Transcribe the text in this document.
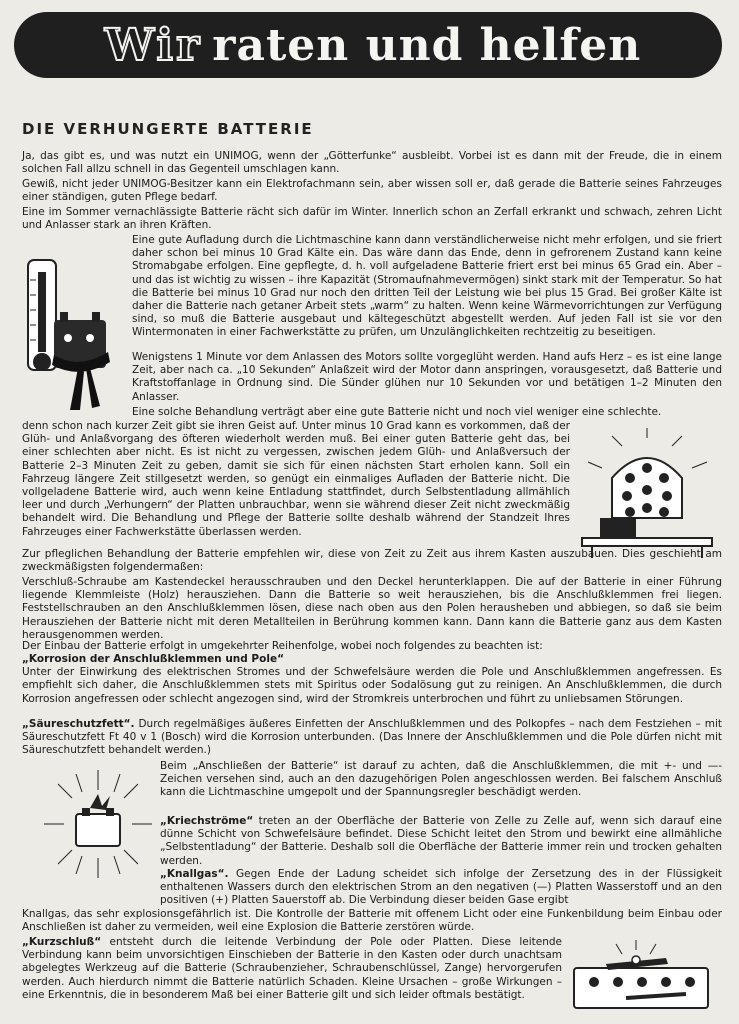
Wir raten und helfen
DIE VERHUNGERTE BATTERIE

Ja, das gibt es, und was nutzt ein UNIMOG, wenn der „Götterfunke“ ausbleibt. Vorbei ist es dann mit der Freude, die in einem solchen Fall allzu schnell in das Gegenteil umschlagen kann.

Gewiß, nicht jeder UNIMOG-Besitzer kann ein Elektrofachmann sein, aber wissen soll er, daß gerade die Batterie seines Fahrzeuges einer ständigen, guten Pflege bedarf.

Eine im Sommer vernachlässigte Batterie rächt sich dafür im Winter. Innerlich schon an Zerfall erkrankt und schwach, zehren Licht und Anlasser stark an ihren Kräften.

Eine gute Aufladung durch die Lichtmaschine kann dann verständlicherweise nicht mehr erfolgen, und sie friert daher schon bei minus 10 Grad Kälte ein. Das wäre dann das Ende, denn in gefrorenem Zustand kann keine Stromabgabe erfolgen. Eine gepflegte, d. h. voll aufgeladene Batterie friert erst bei minus 65 Grad ein. Aber – und das ist wichtig zu wissen – ihre Kapazität (Stromaufnahmevermögen) sinkt stark mit der Temperatur. So hat die Batterie bei minus 10 Grad nur noch den dritten Teil der Leistung wie bei plus 15 Grad. Bei großer Kälte ist daher die Batterie nach getaner Arbeit stets „warm“ zu halten. Wenn keine Wärmevorrichtungen zur Verfügung sind, so muß die Batterie ausgebaut und kältegeschützt abgestellt werden. Auf jeden Fall ist sie vor den Wintermonaten in einer Fachwerkstätte zu prüfen, um Unzulänglichkeiten rechtzeitig zu beseitigen.

Wenigstens 1 Minute vor dem Anlassen des Motors sollte vorgeglüht werden. Hand aufs Herz – es ist eine lange Zeit, aber nach ca. „10 Sekunden“ Anlaßzeit wird der Motor dann anspringen, vorausgesetzt, daß Batterie und Kraftstoffanlage in Ordnung sind. Die Sünder glühen nur 10 Sekunden vor und betätigen 1–2 Minuten den Anlasser.

Eine solche Behandlung verträgt aber eine gute Batterie nicht und noch viel weniger eine schlechte.

denn schon nach kurzer Zeit gibt sie ihren Geist auf. Unter minus 10 Grad kann es vorkommen, daß der Glüh- und Anlaßvorgang des öfteren wiederholt werden muß. Bei einer guten Batterie geht das, bei einer schlechten aber nicht. Es ist nicht zu vergessen, zwischen jedem Glüh- und Anlaßversuch der Batterie 2–3 Minuten Zeit zu geben, damit sie sich für einen nächsten Start erholen kann. Soll ein Fahrzeug längere Zeit stillgesetzt werden, so genügt ein einmaliges Aufladen der Batterie nicht. Die vollgeladene Batterie wird, auch wenn keine Entladung stattfindet, durch Selbstentladung allmählich leer und durch „Verhungern“ der Platten unbrauchbar, wenn sie während dieser Zeit nicht zweckmäßig behandelt wird. Die Behandlung und Pflege der Batterie sollte deshalb während der Standzeit Ihres Fahrzeuges einer Fachwerkstätte überlassen werden.

Zur pfleglichen Behandlung der Batterie empfehlen wir, diese von Zeit zu Zeit aus ihrem Kasten auszubauen. Dies geschieht am zweckmäßigsten folgendermaßen:

Verschluß-Schraube am Kastendeckel herausschrauben und den Deckel herunterklappen. Die auf der Batterie in einer Führung liegende Klemmleiste (Holz) herausziehen. Dann die Batterie so weit herausziehen, bis die Anschlußklemmen frei liegen. Feststellschrauben an den Anschlußklemmen lösen, diese nach oben aus den Polen herausheben und abbiegen, so daß sie beim Herausziehen der Batterie nicht mit deren Metallteilen in Berührung kommen kann. Dann kann die Batterie ganz aus dem Kasten herausgenommen werden.

Der Einbau der Batterie erfolgt in umgekehrter Reihenfolge, wobei noch folgendes zu beachten ist:

„Korrosion der Anschlußklemmen und Pole“
Unter der Einwirkung des elektrischen Stromes und der Schwefelsäure werden die Pole und Anschlußklemmen angefressen. Es empfiehlt sich daher, die Anschlußklemmen stets mit Spiritus oder Sodalösung gut zu reinigen. An Anschlußklemmen, die durch Korrosion angefressen oder schlecht angezogen sind, wird der Stromkreis unterbrochen und führt zu unliebsamen Störungen.

„Säureschutzfett“. Durch regelmäßiges äußeres Einfetten der Anschlußklemmen und des Polkopfes – nach dem Festziehen – mit Säureschutzfett Ft 40 v 1 (Bosch) wird die Korrosion unterbunden. (Das Innere der Anschlußklemmen und die Pole dürfen nicht mit Säureschutzfett behandelt werden.)

Beim „Anschließen der Batterie“ ist darauf zu achten, daß die Anschlußklemmen, die mit +- und —-Zeichen versehen sind, auch an den dazugehörigen Polen angeschlossen werden. Bei falschem Anschluß kann die Lichtmaschine umgepolt und der Spannungsregler beschädigt werden.

„Kriechströme“ treten an der Oberfläche der Batterie von Zelle zu Zelle auf, wenn sich darauf eine dünne Schicht von Schwefelsäure befindet. Diese Schicht leitet den Strom und bewirkt eine allmähliche „Selbstentladung“ der Batterie. Deshalb soll die Oberfläche der Batterie immer rein und trocken gehalten werden.

„Knallgas“. Gegen Ende der Ladung scheidet sich infolge der Zersetzung des in der Flüssigkeit enthaltenen Wassers durch den elektrischen Strom an den negativen (—) Platten Wasserstoff und an den positiven (+) Platten Sauerstoff ab. Die Verbindung dieser beiden Gase ergibt

Knallgas, das sehr explosionsgefährlich ist. Die Kontrolle der Batterie mit offenem Licht oder eine Funkenbildung beim Einbau oder Anschließen ist daher zu vermeiden, weil eine Explosion die Batterie zerstören würde.

„Kurzschluß“ entsteht durch die leitende Verbindung der Pole oder Platten. Diese leitende Verbindung kann beim unvorsichtigen Einschieben der Batterie in den Kasten oder durch unachtsam abgelegtes Werkzeug auf die Batterie (Schraubenzieher, Schraubenschlüssel, Zange) hervorgerufen werden. Auch hierdurch nimmt die Batterie natürlich Schaden. Kleine Ursachen – große Wirkungen – eine Erkenntnis, die in besonderem Maß bei einer Batterie gilt und sich leider oftmals bestätigt.
